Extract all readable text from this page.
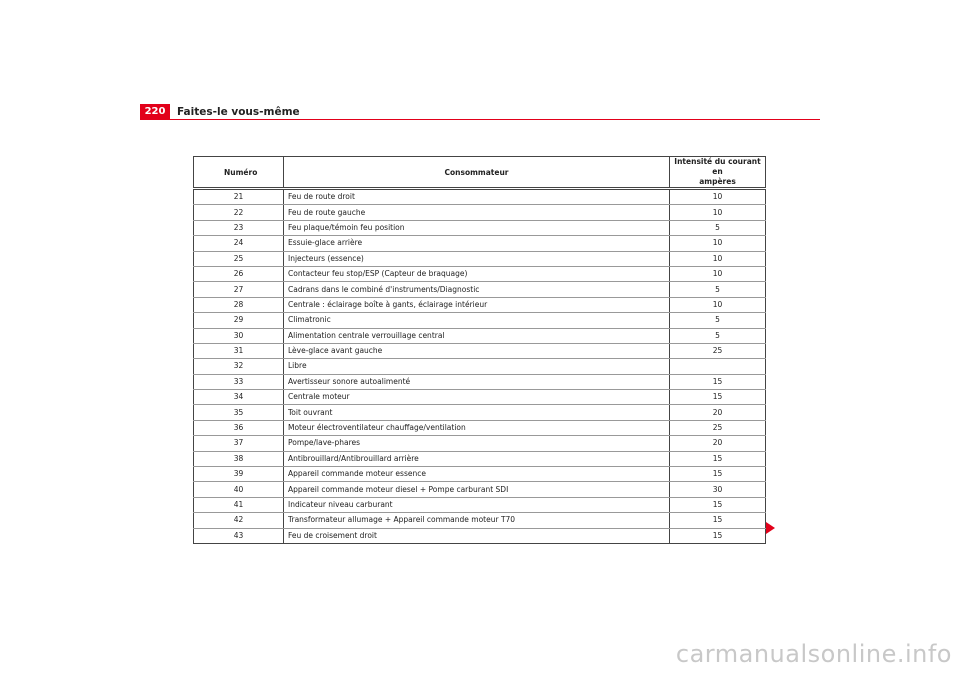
220	Faites-le vous-même
Numéro	Consommateur	Intensité du courant en
ampères
21	Feu de route droit	10
22	Feu de route gauche	10
23	Feu plaque/témoin feu position	5
24	Essuie-glace arrière	10
25	Injecteurs (essence)	10
26	Contacteur feu stop/ESP (Capteur de braquage)	10
27	Cadrans dans le combiné d'instruments/Diagnostic	5
28	Centrale : éclairage boîte à gants, éclairage intérieur	10
29	Climatronic	5
30	Alimentation centrale verrouillage central	5
31	Lève-glace avant gauche	25
32	Libre	
33	Avertisseur sonore autoalimenté	15
34	Centrale moteur	15
35	Toit ouvrant	20
36	Moteur électroventilateur chauffage/ventilation	25
37	Pompe/lave-phares	20
38	Antibrouillard/Antibrouillard arrière	15
39	Appareil commande moteur essence	15
40	Appareil commande moteur diesel + Pompe carburant SDI	30
41	Indicateur niveau carburant	15
42	Transformateur allumage + Appareil commande moteur T70	15
43	Feu de croisement droit	15
carmanualsonline.info
